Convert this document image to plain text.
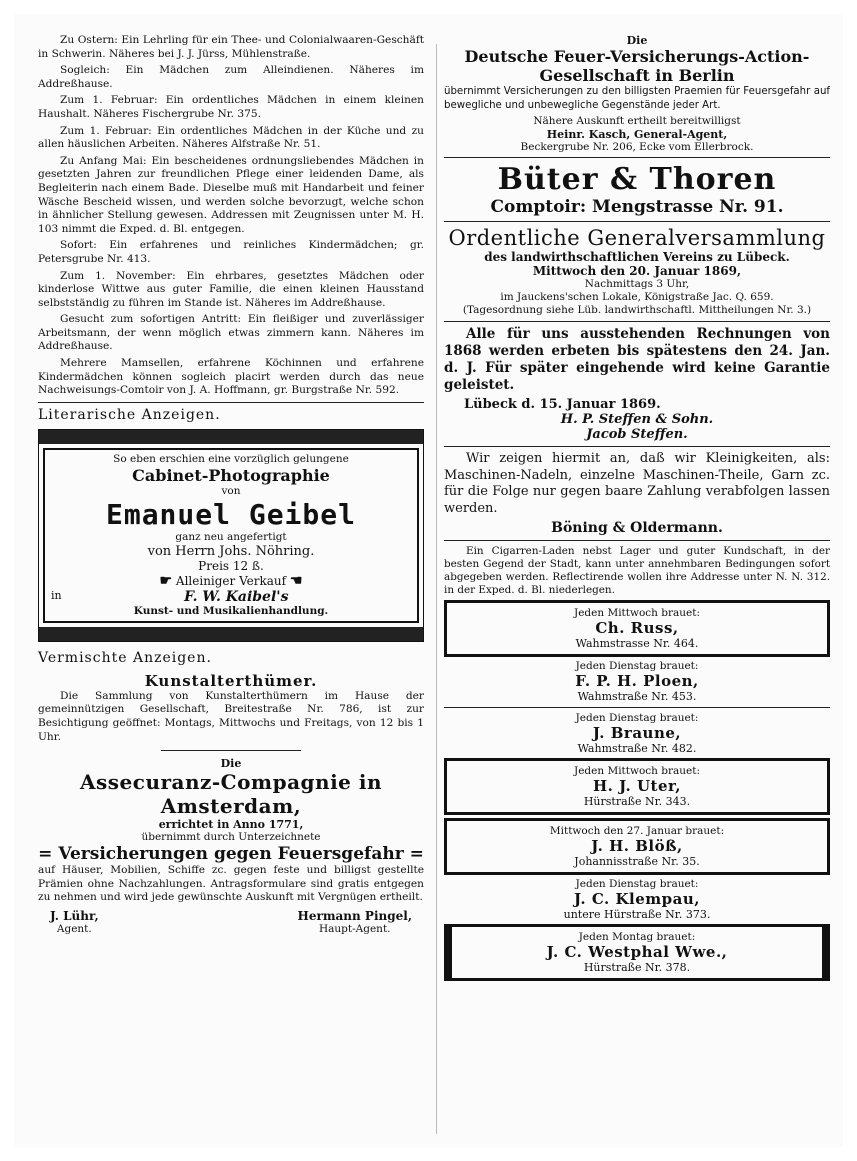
Zu Ostern: Ein Lehrling für ein Thee- und Colonialwaaren-Geschäft in Schwerin. Näheres bei J. J. Jürss, Mühlenstraße.

Sogleich: Ein Mädchen zum Alleindienen. Näheres im Addreßhause.

Zum 1. Februar: Ein ordentliches Mädchen in einem kleinen Haushalt. Näheres Fischergrube Nr. 375.

Zum 1. Februar: Ein ordentliches Mädchen in der Küche und zu allen häuslichen Arbeiten. Näheres Alfstraße Nr. 51.

Zu Anfang Mai: Ein bescheidenes ordnungsliebendes Mädchen in gesetzten Jahren zur freundlichen Pflege einer leidenden Dame, als Begleiterin nach einem Bade. Dieselbe muß mit Handarbeit und feiner Wäsche Bescheid wissen, und werden solche bevorzugt, welche schon in ähnlicher Stellung gewesen. Addressen mit Zeugnissen unter M. H. 103 nimmt die Exped. d. Bl. entgegen.

Sofort: Ein erfahrenes und reinliches Kindermädchen; gr. Petersgrube Nr. 413.

Zum 1. November: Ein ehrbares, gesetztes Mädchen oder kinderlose Wittwe aus guter Familie, die einen kleinen Hausstand selbstständig zu führen im Stande ist. Näheres im Addreßhause.

Gesucht zum sofortigen Antritt: Ein fleißiger und zuverlässiger Arbeitsmann, der wenn möglich etwas zimmern kann. Näheres im Addreßhause.

Mehrere Mamsellen, erfahrene Köchinnen und erfahrene Kindermädchen können sogleich placirt werden durch das neue Nachweisungs-Comtoir von J. A. Hoffmann, gr. Burgstraße Nr. 592.

Literarische Anzeigen.

So eben erschien eine vorzüglich gelungene

Cabinet-Photographie

von

Emanuel Geibel

ganz neu angefertigt

von Herrn Johs. Nöhring.

Preis 12 ß.

☛ Alleiniger Verkauf ☚

in	F. W. Kaibel's

Kunst- und Musikalienhandlung.

Vermischte Anzeigen.

Kunstalterthümer.

Die Sammlung von Kunstalterthümern im Hause der gemeinnützigen Gesellschaft, Breitestraße Nr. 786, ist zur Besichtigung geöffnet: Montags, Mittwochs und Freitags, von 12 bis 1 Uhr.

Die

Assecuranz-Compagnie in Amsterdam,

errichtet in Anno 1771,

übernimmt durch Unterzeichnete

= Versicherungen gegen Feuersgefahr =

auf Häuser, Mobilien, Schiffe zc. gegen feste und billigst gestellte Prämien ohne Nachzahlungen. Antragsformulare sind gratis entgegen zu nehmen und wird jede gewünschte Auskunft mit Vergnügen ertheilt.

J. Lühr,

Agent.

Hermann Pingel,

Haupt-Agent.

Die

Deutsche Feuer-Versicherungs-Action-

Gesellschaft in Berlin

übernimmt Versicherungen zu den billigsten Praemien für Feuersgefahr auf bewegliche und unbewegliche Gegenstände jeder Art.

Nähere Auskunft ertheilt bereitwilligst

Heinr. Kasch, General-Agent,

Beckergrube Nr. 206, Ecke vom Ellerbrock.

Büter & Thoren

Comptoir: Mengstrasse Nr. 91.

Ordentliche Generalversammlung

des landwirthschaftlichen Vereins zu Lübeck.

Mittwoch den 20. Januar 1869,

Nachmittags 3 Uhr,

im Jauckens'schen Lokale, Königstraße Jac. Q. 659.

(Tagesordnung siehe Lüb. landwirthschaftl. Mittheilungen Nr. 3.)

Alle für uns ausstehenden Rechnungen von 1868 werden erbeten bis spätestens den 24. Jan. d. J. Für später eingehende wird keine Garantie geleistet.

Lübeck d. 15. Januar 1869.

H. P. Steffen & Sohn.

Jacob Steffen.

Wir zeigen hiermit an, daß wir Kleinigkeiten, als: Maschinen-Nadeln, einzelne Maschinen-Theile, Garn zc. für die Folge nur gegen baare Zahlung verabfolgen lassen werden.

Böning & Oldermann.

Ein Cigarren-Laden nebst Lager und guter Kundschaft, in der besten Gegend der Stadt, kann unter annehmbaren Bedingungen sofort abgegeben werden. Reflectirende wollen ihre Addresse unter N. N. 312. in der Exped. d. Bl. niederlegen.

Jeden Mittwoch brauet:

Ch. Russ,

Wahmstrasse Nr. 464.

Jeden Dienstag brauet:

F. P. H. Ploen,

Wahmstraße Nr. 453.

Jeden Dienstag brauet:

J. Braune,

Wahmstraße Nr. 482.

Jeden Mittwoch brauet:

H. J. Uter,

Hürstraße Nr. 343.

Mittwoch den 27. Januar brauet:

J. H. Blöß,

Johannisstraße Nr. 35.

Jeden Dienstag brauet:

J. C. Klempau,

untere Hürstraße Nr. 373.

Jeden Montag brauet:

J. C. Westphal Wwe.,

Hürstraße Nr. 378.
